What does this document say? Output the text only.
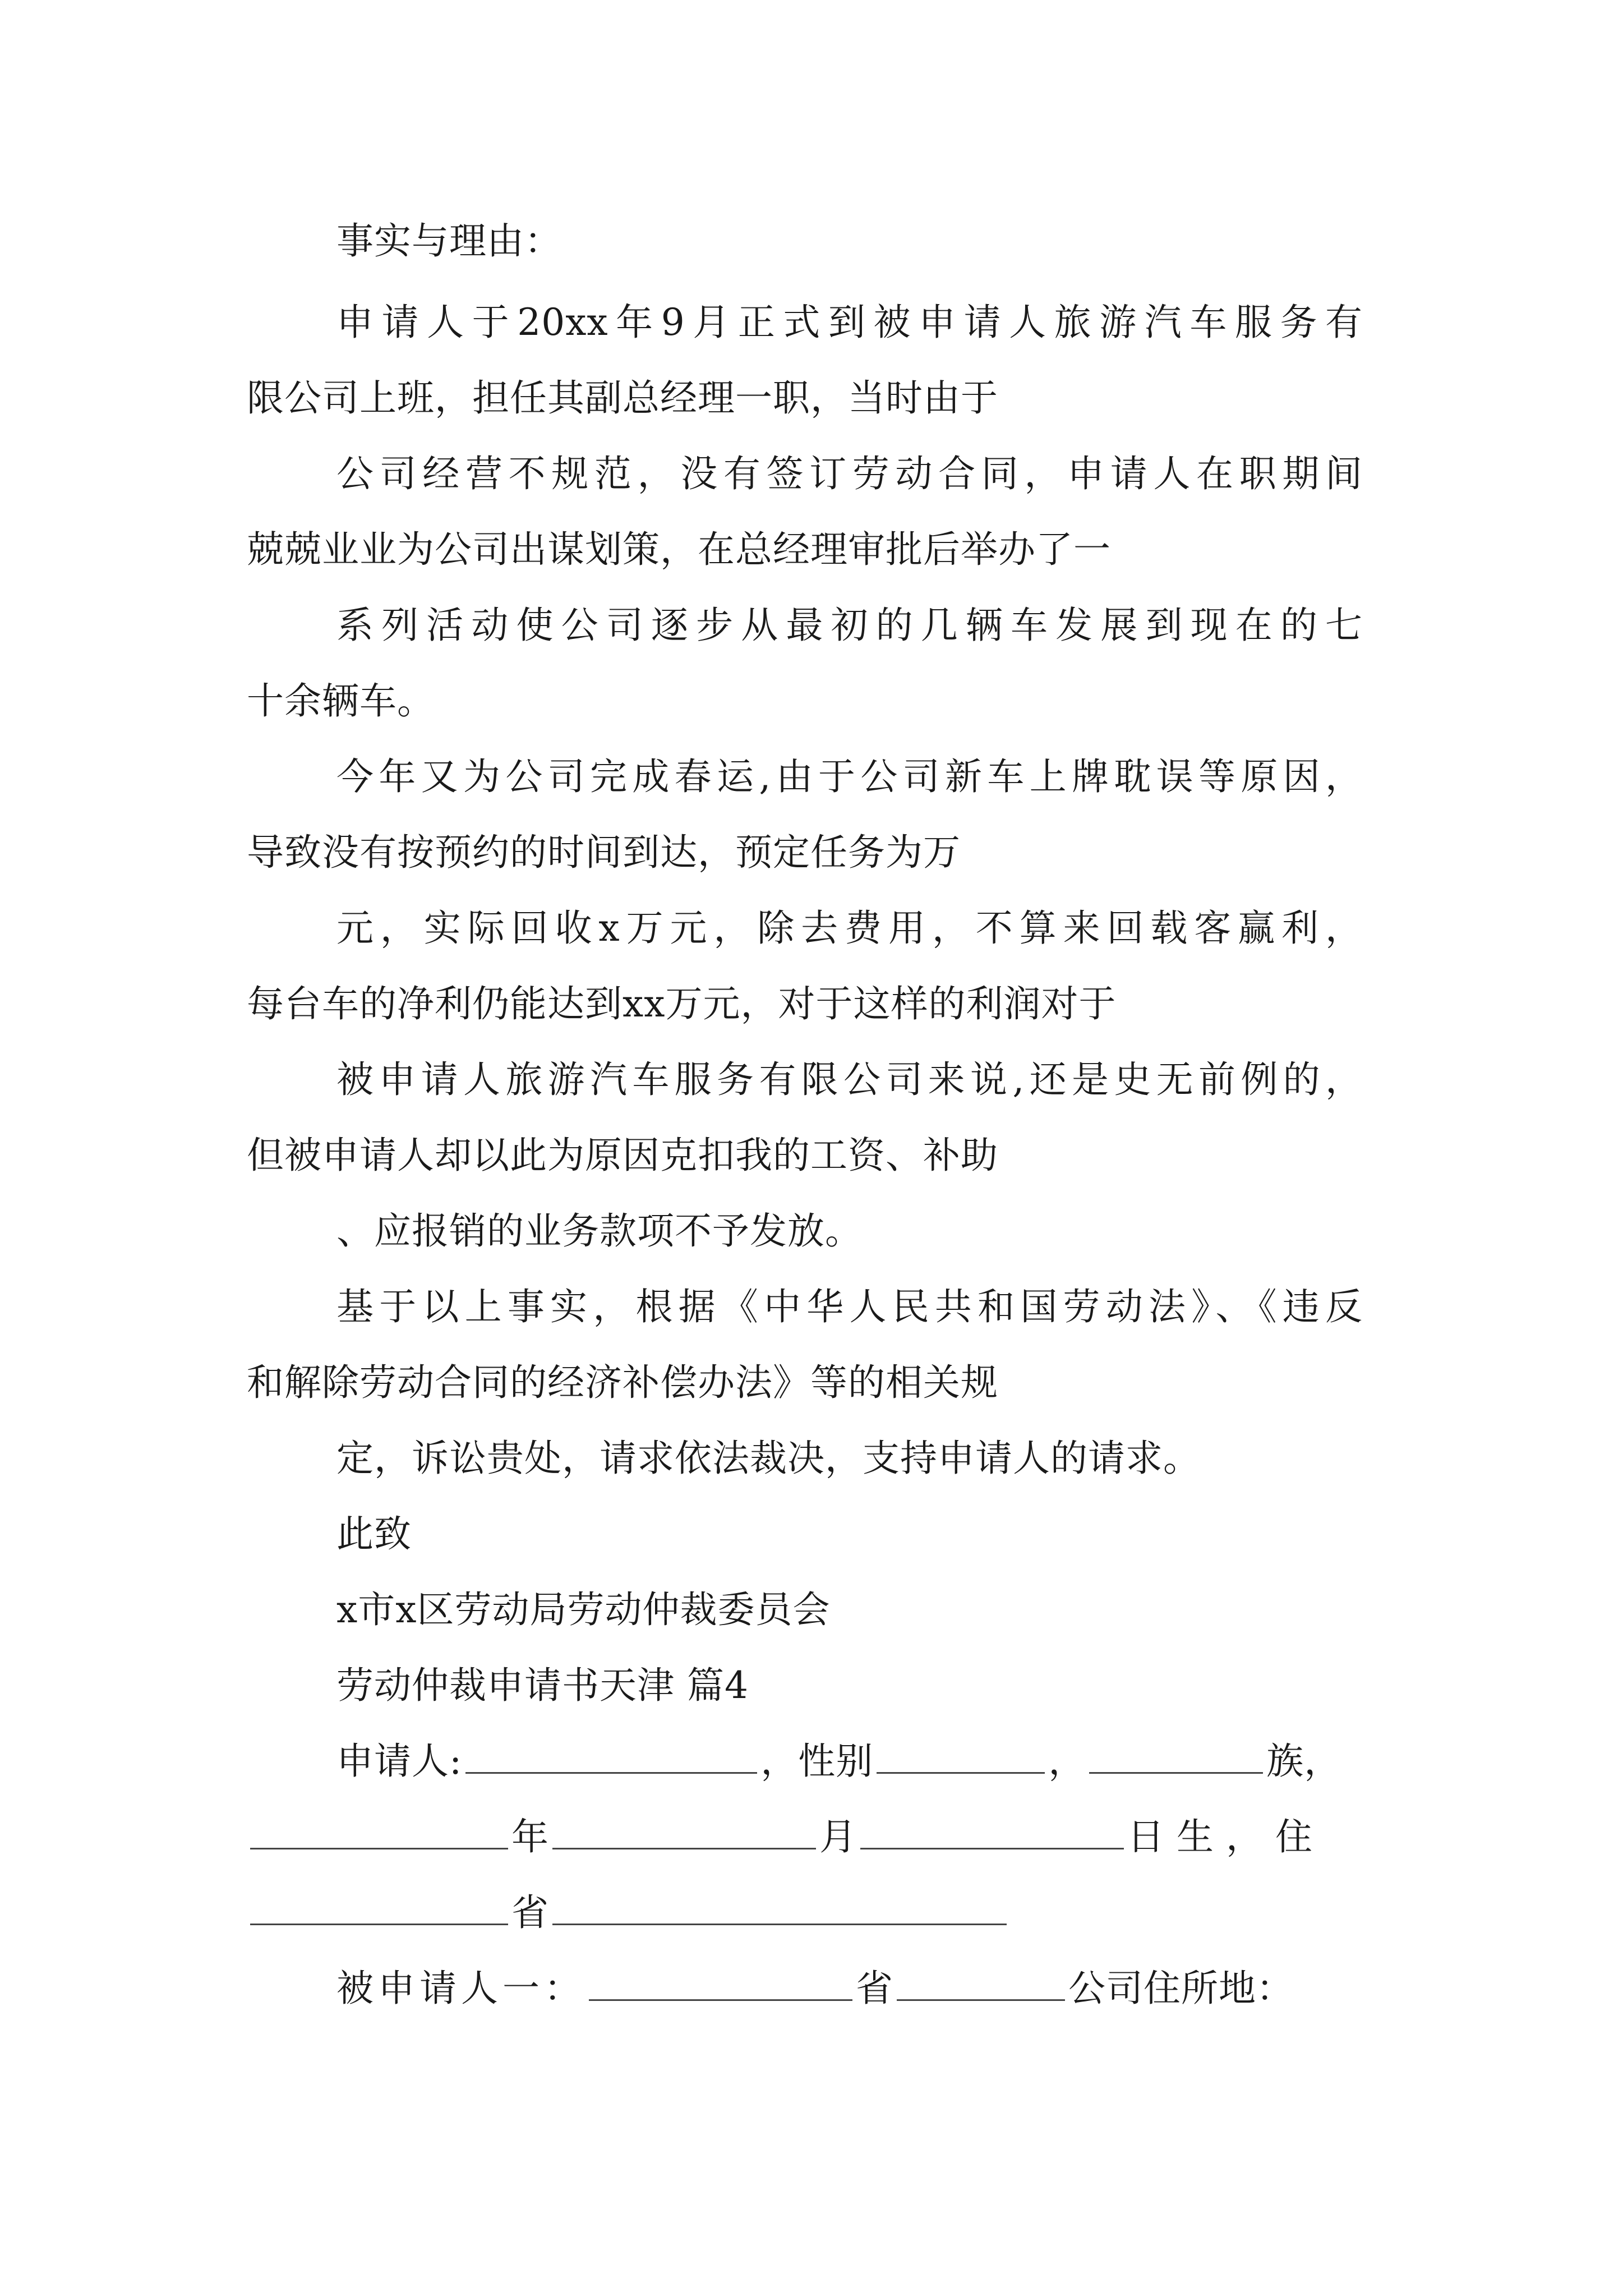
事实与理由：
申请人于20xx年9月正式到被申请人旅游汽车服务有
限公司上班，担任其副总经理一职，当时由于
公司经营不规范，没有签订劳动合同，申请人在职期间
兢兢业业为公司出谋划策，在总经理审批后举办了一
系列活动使公司逐步从最初的几辆车发展到现在的七
十余辆车。
今年又为公司完成春运,由于公司新车上牌耽误等原因，
导致没有按预约的时间到达，预定任务为万
元，实际回收x万元，除去费用，不算来回载客赢利，
每台车的净利仍能达到xx万元，对于这样的利润对于
被申请人旅游汽车服务有限公司来说,还是史无前例的，
但被申请人却以此为原因克扣我的工资、补助
、应报销的业务款项不予发放。
基于以上事实，根据《中华人民共和国劳动法》、《违反
和解除劳动合同的经济补偿办法》等的相关规
定，诉讼贵处，请求依法裁决，支持申请人的请求。
此致
x市x区劳动局劳动仲裁委员会
劳动仲裁申请书天津 篇4
申请人:	，性别	，	族，
年	月	日生，住
省
被申请人一：	省	公司住所地：
